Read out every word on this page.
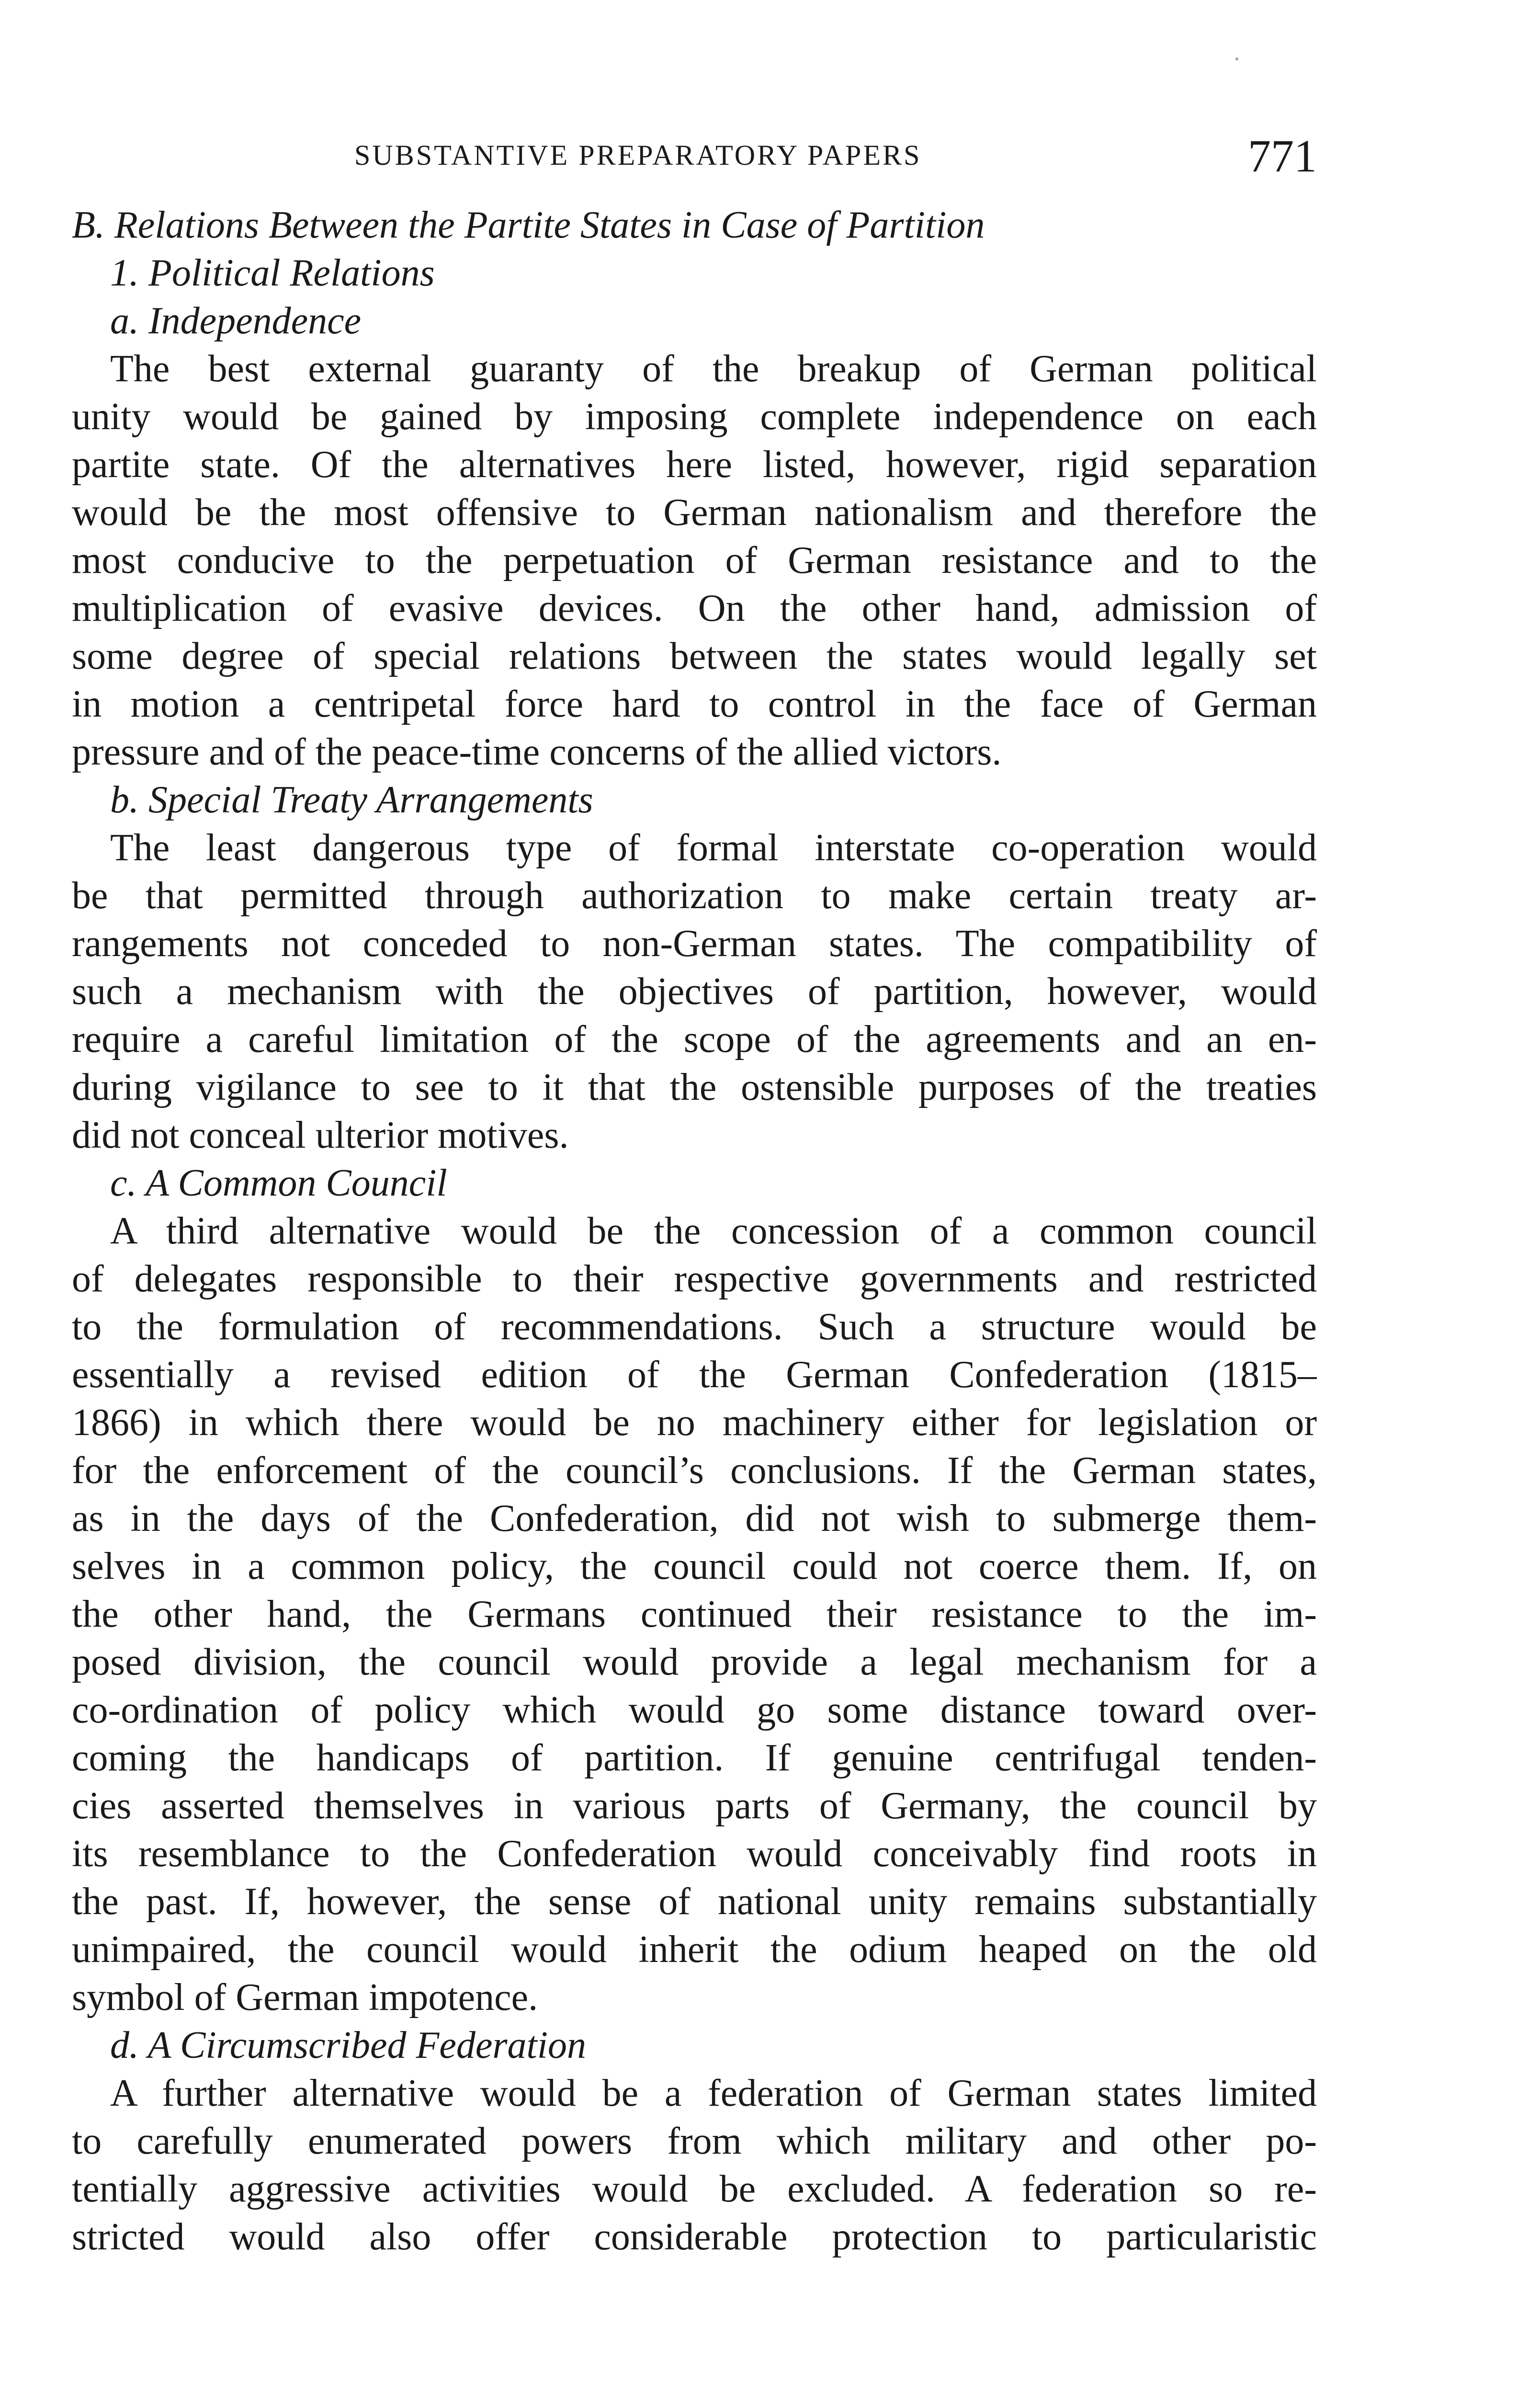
SUBSTANTIVE PREPARATORY PAPERS	771
B. Relations Between the Partite States in Case of Partition
1. Political Relations
a. Independence
The best external guaranty of the breakup of German political
unity would be gained by imposing complete independence on each
partite state. Of the alternatives here listed, however, rigid separation
would be the most offensive to German nationalism and therefore the
most conducive to the perpetuation of German resistance and to the
multiplication of evasive devices. On the other hand, admission of
some degree of special relations between the states would legally set
in motion a centripetal force hard to control in the face of German
pressure and of the peace-time concerns of the allied victors.
b. Special Treaty Arrangements
The least dangerous type of formal interstate co-operation would
be that permitted through authorization to make certain treaty ar-
rangements not conceded to non-German states. The compatibility of
such a mechanism with the objectives of partition, however, would
require a careful limitation of the scope of the agreements and an en-
during vigilance to see to it that the ostensible purposes of the treaties
did not conceal ulterior motives.
c. A Common Council
A third alternative would be the concession of a common council
of delegates responsible to their respective governments and restricted
to the formulation of recommendations. Such a structure would be
essentially a revised edition of the German Confederation (1815–
1866) in which there would be no machinery either for legislation or
for the enforcement of the council’s conclusions. If the German states,
as in the days of the Confederation, did not wish to submerge them-
selves in a common policy, the council could not coerce them. If, on
the other hand, the Germans continued their resistance to the im-
posed division, the council would provide a legal mechanism for a
co-ordination of policy which would go some distance toward over-
coming the handicaps of partition. If genuine centrifugal tenden-
cies asserted themselves in various parts of Germany, the council by
its resemblance to the Confederation would conceivably find roots in
the past. If, however, the sense of national unity remains substantially
unimpaired, the council would inherit the odium heaped on the old
symbol of German impotence.
d. A Circumscribed Federation
A further alternative would be a federation of German states limited
to carefully enumerated powers from which military and other po-
tentially aggressive activities would be excluded. A federation so re-
stricted would also offer considerable protection to particularistic
